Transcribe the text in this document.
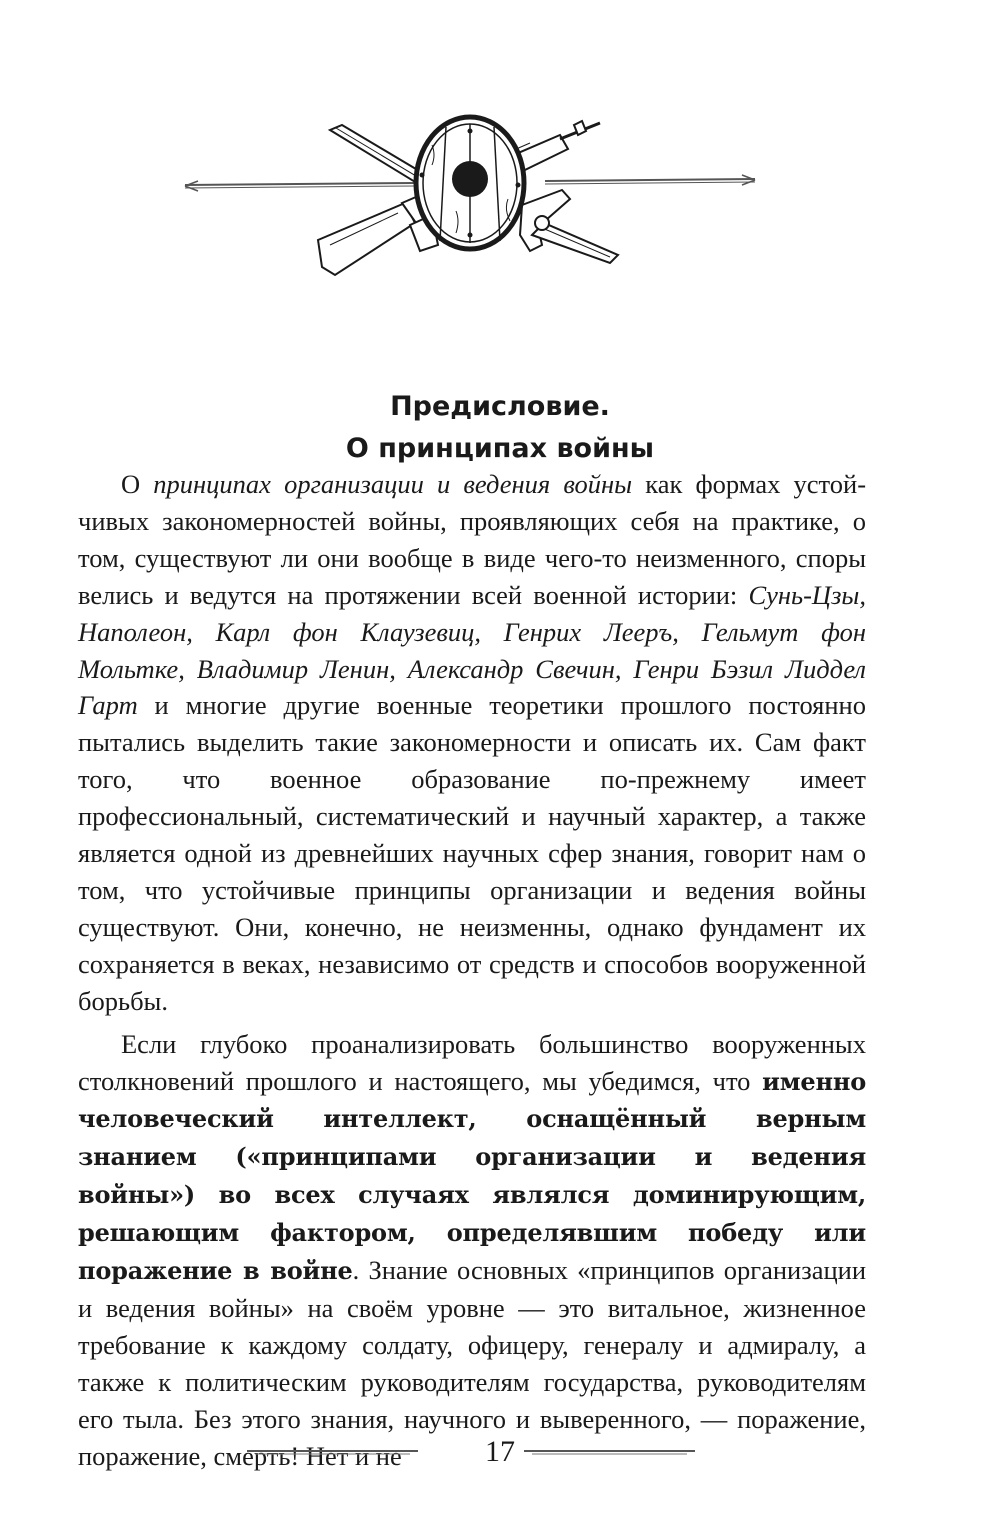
Предисловие.
О принципах войны

О принципах организации и ведения войны как формах устойчивых закономерностей войны, проявляющих себя на практике, о том, существуют ли они вообще в виде чего-то неизменного, споры велись и ведутся на протяжении всей военной истории: Сунь-Цзы, Наполеон, Карл фон Клаузевиц, Генрих Лееръ, Гельмут фон Мольтке, Владимир Ленин, Александр Свечин, Генри Бэзил Лиддел Гарт и многие другие военные теоретики прошлого постоянно пытались выделить такие закономерности и описать их. Сам факт того, что военное образование по-прежнему имеет профессиональный, систематический и научный характер, а также является одной из древнейших научных сфер знания, говорит нам о том, что устойчивые принципы организации и ведения войны существуют. Они, конечно, не неизменны, однако фундамент их сохраняется в веках, независимо от средств и способов вооруженной борьбы.

Если глубоко проанализировать большинство вооруженных столкновений прошлого и настоящего, мы убедимся, что именно человеческий интеллект, оснащённый верным знанием («принципами организации и ведения войны») во всех случаях являлся доминирующим, решающим фактором, определявшим победу или поражение в войне. Знание основных «принципов организации и ведения войны» на своём уровне — это витальное, жизненное требование к каждому солдату, офицеру, генералу и адмиралу, а также к политическим руководителям государства, руководителям его тыла. Без этого знания, научного и выверенного, — поражение, поражение, смерть! Нет и не	17
